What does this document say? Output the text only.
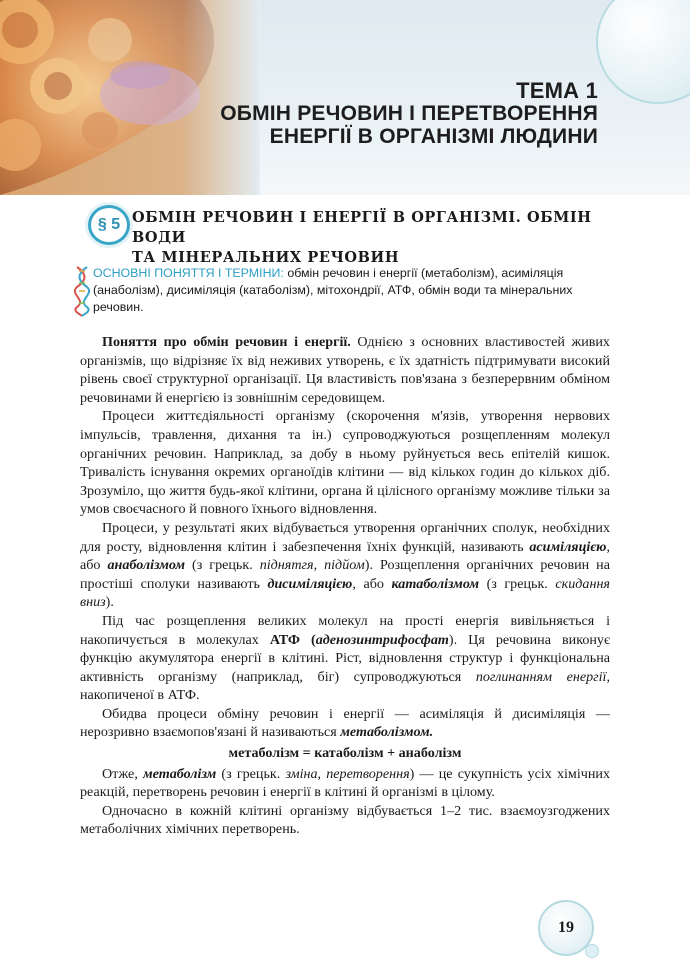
ТЕМА 1
ОБМІН РЕЧОВИН І ПЕРЕТВОРЕННЯ
ЕНЕРГІЇ В ОРГАНІЗМІ ЛЮДИНИ
§ 5 ОБМІН РЕЧОВИН І ЕНЕРГІЇ В ОРГАНІЗМІ. ОБМІН ВОДИ
ТА МІНЕРАЛЬНИХ РЕЧОВИН
ОСНОВНІ ПОНЯТТЯ І ТЕРМІНИ: обмін речовин і енергії (метаболізм), асиміляція (анаболізм), дисиміляція (катаболізм), мітохондрії, АТФ, обмін води та мінеральних речовин.

Поняття про обмін речовин і енергії. Однією з основних властивостей живих організмів, що відрізняє їх від неживих утворень, є їх здатність підтримувати високий рівень своєї структурної організації. Ця властивість пов'язана з безперервним обміном речовинами й енергією із зовнішнім середовищем.

Процеси життєдіяльності організму (скорочення м'язів, утворення нервових імпульсів, травлення, дихання та ін.) супроводжуються розщепленням молекул органічних речовин. Наприклад, за добу в ньому руйнується весь епітелій кишок. Тривалість існування окремих органоїдів клітини — від кількох годин до кількох діб. Зрозуміло, що життя будь-якої клітини, органа й цілісного організму можливе тільки за умов своєчасного й повного їхнього відновлення.

Процеси, у результаті яких відбувається утворення органічних сполук, необхідних для росту, відновлення клітин і забезпечення їхніх функцій, називають асиміляцією, або анаболізмом (з грецьк. піднятгя, підйом). Розщеплення органічних речовин на простіші сполуки називають дисиміляцією, або катаболізмом (з грецьк. скидання вниз).

Під час розщеплення великих молекул на прості енергія вивільняється і накопичується в молекулах АТФ (аденозинтрифосфат). Ця речовина виконує функцію акумулятора енергії в клітині. Ріст, відновлення структур і функціональна активність організму (наприклад, біг) супроводжуються поглинанням енергії, накопиченої в АТФ.

Обидва процеси обміну речовин і енергії — асиміляція й дисиміляція — нерозривно взаємопов'язані й називаються метаболізмом.

метаболізм = катаболізм + анаболізм

Отже, метаболізм (з грецьк. зміна, перетворення) — це сукупність усіх хімічних реакцій, перетворень речовин і енергії в клітині й організмі в цілому.

Одночасно в кожній клітині організму відбувається 1–2 тис. взаємоузгоджених метаболічних хімічних перетворень.

19
